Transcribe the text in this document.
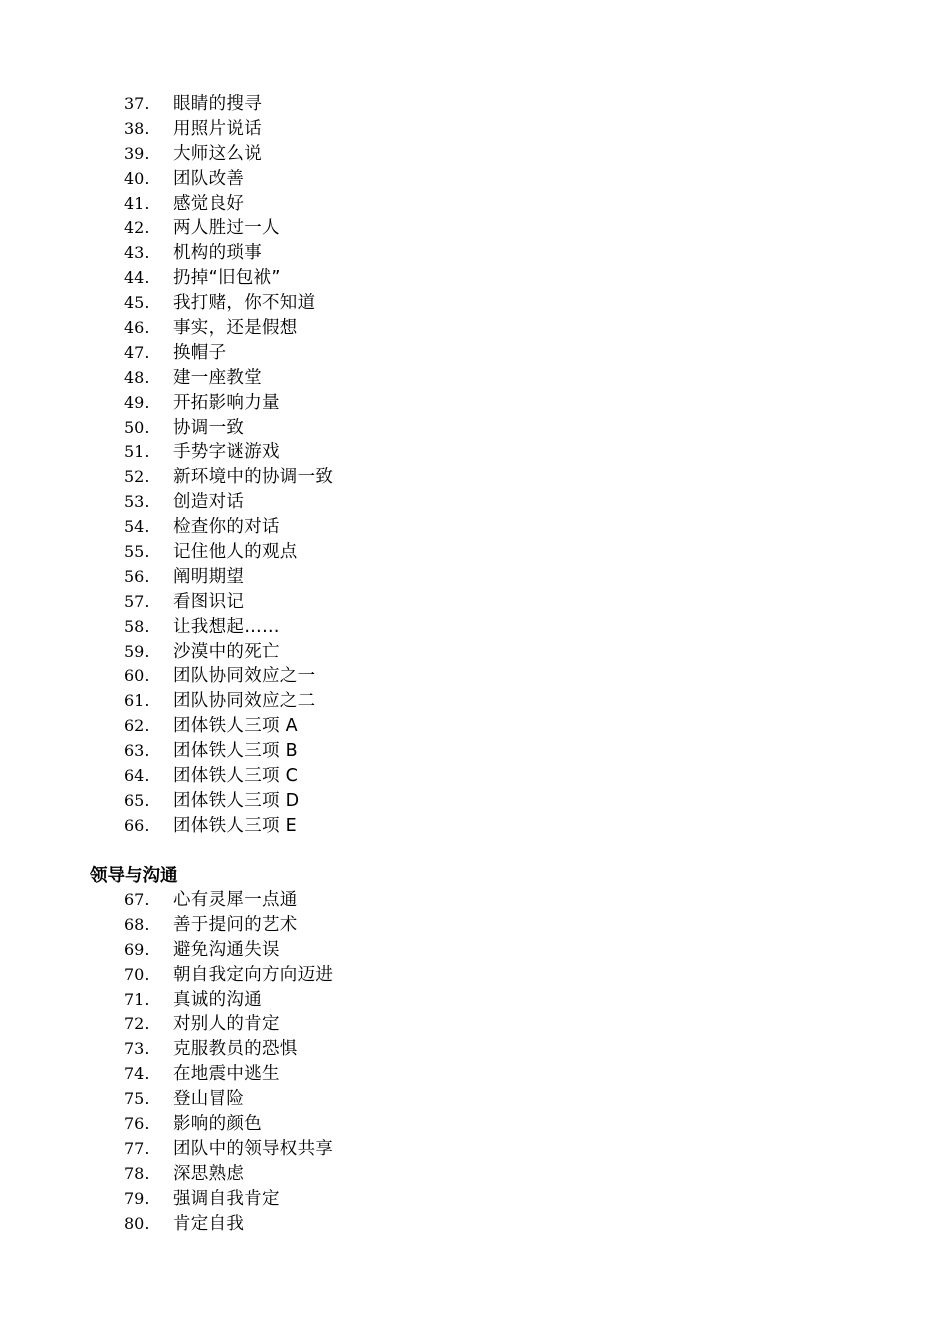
37.	眼睛的搜寻
38.	用照片说话
39.	大师这么说
40.	团队改善
41.	感觉良好
42.	两人胜过一人
43.	机构的琐事
44.	扔掉“旧包袱”
45.	我打赌，你不知道
46.	事实，还是假想
47.	换帽子
48.	建一座教堂
49.	开拓影响力量
50.	协调一致
51.	手势字谜游戏
52.	新环境中的协调一致
53.	创造对话
54.	检查你的对话
55.	记住他人的观点
56.	阐明期望
57.	看图识记
58.	让我想起……
59.	沙漠中的死亡
60.	团队协同效应之一
61.	团队协同效应之二
62.	团体铁人三项 A
63.	团体铁人三项 B
64.	团体铁人三项 C
65.	团体铁人三项 D
66.	团体铁人三项 E
领导与沟通
67.	心有灵犀一点通
68.	善于提问的艺术
69.	避免沟通失误
70.	朝自我定向方向迈进
71.	真诚的沟通
72.	对别人的肯定
73.	克服教员的恐惧
74.	在地震中逃生
75.	登山冒险
76.	影响的颜色
77.	团队中的领导权共享
78.	深思熟虑
79.	强调自我肯定
80.	肯定自我
